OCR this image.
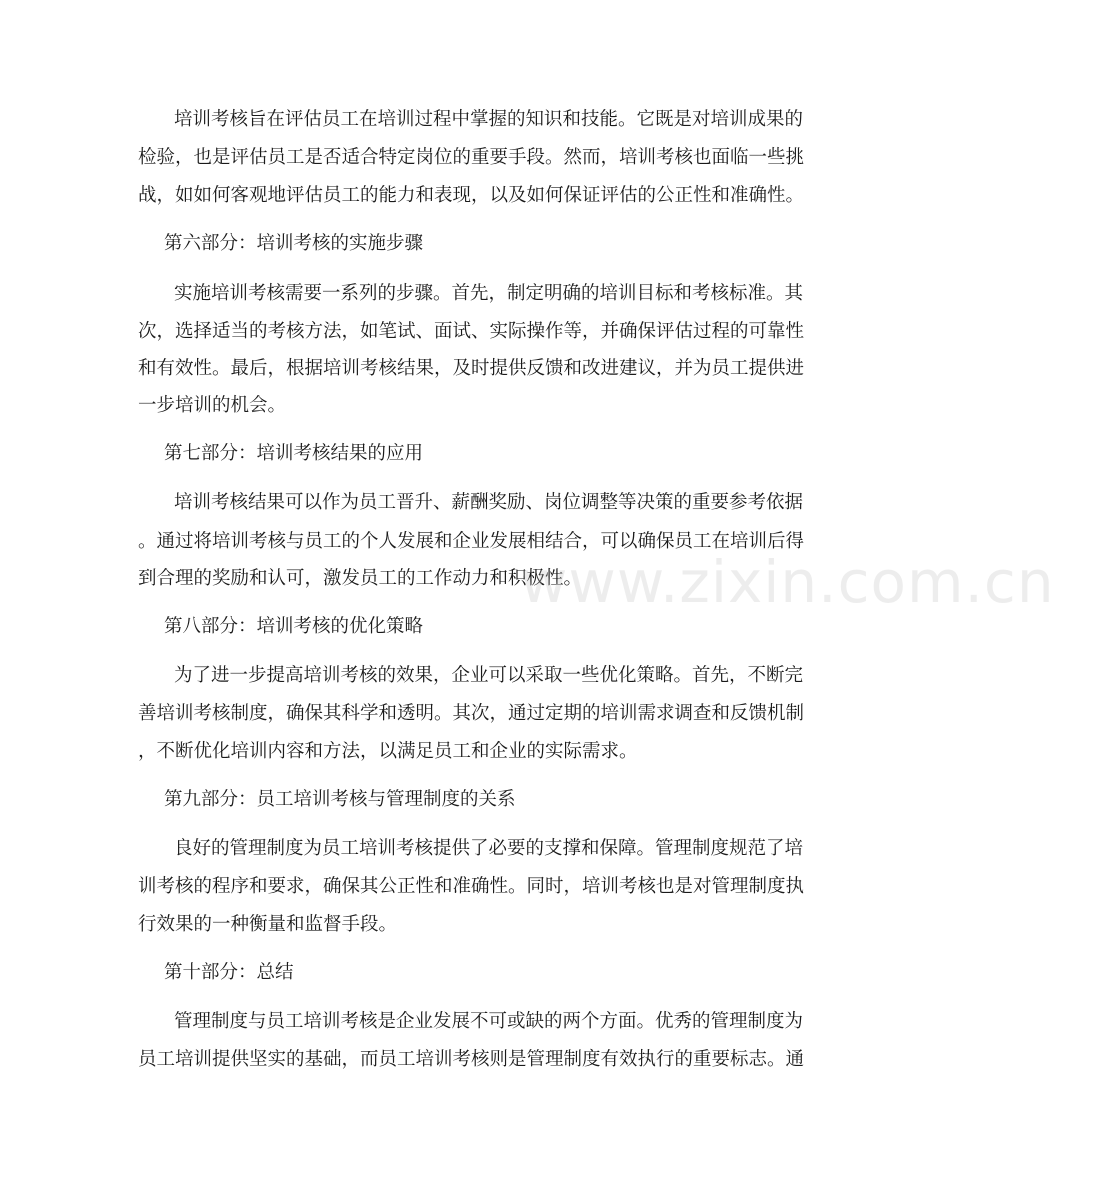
培训考核旨在评估员工在培训过程中掌握的知识和技能。它既是对培训成果的
检验，也是评估员工是否适合特定岗位的重要手段。然而，培训考核也面临一些挑
战，如如何客观地评估员工的能力和表现，以及如何保证评估的公正性和准确性。
第六部分：培训考核的实施步骤
实施培训考核需要一系列的步骤。首先，制定明确的培训目标和考核标准。其
次，选择适当的考核方法，如笔试、面试、实际操作等，并确保评估过程的可靠性
和有效性。最后，根据培训考核结果，及时提供反馈和改进建议，并为员工提供进
一步培训的机会。
第七部分：培训考核结果的应用
培训考核结果可以作为员工晋升、薪酬奖励、岗位调整等决策的重要参考依据
。通过将培训考核与员工的个人发展和企业发展相结合，可以确保员工在培训后得
到合理的奖励和认可，激发员工的工作动力和积极性。
第八部分：培训考核的优化策略
为了进一步提高培训考核的效果，企业可以采取一些优化策略。首先，不断完
善培训考核制度，确保其科学和透明。其次，通过定期的培训需求调查和反馈机制
，不断优化培训内容和方法，以满足员工和企业的实际需求。
第九部分：员工培训考核与管理制度的关系
良好的管理制度为员工培训考核提供了必要的支撑和保障。管理制度规范了培
训考核的程序和要求，确保其公正性和准确性。同时，培训考核也是对管理制度执
行效果的一种衡量和监督手段。
第十部分：总结
管理制度与员工培训考核是企业发展不可或缺的两个方面。优秀的管理制度为
员工培训提供坚实的基础，而员工培训考核则是管理制度有效执行的重要标志。通
www.zixin.com.cn
